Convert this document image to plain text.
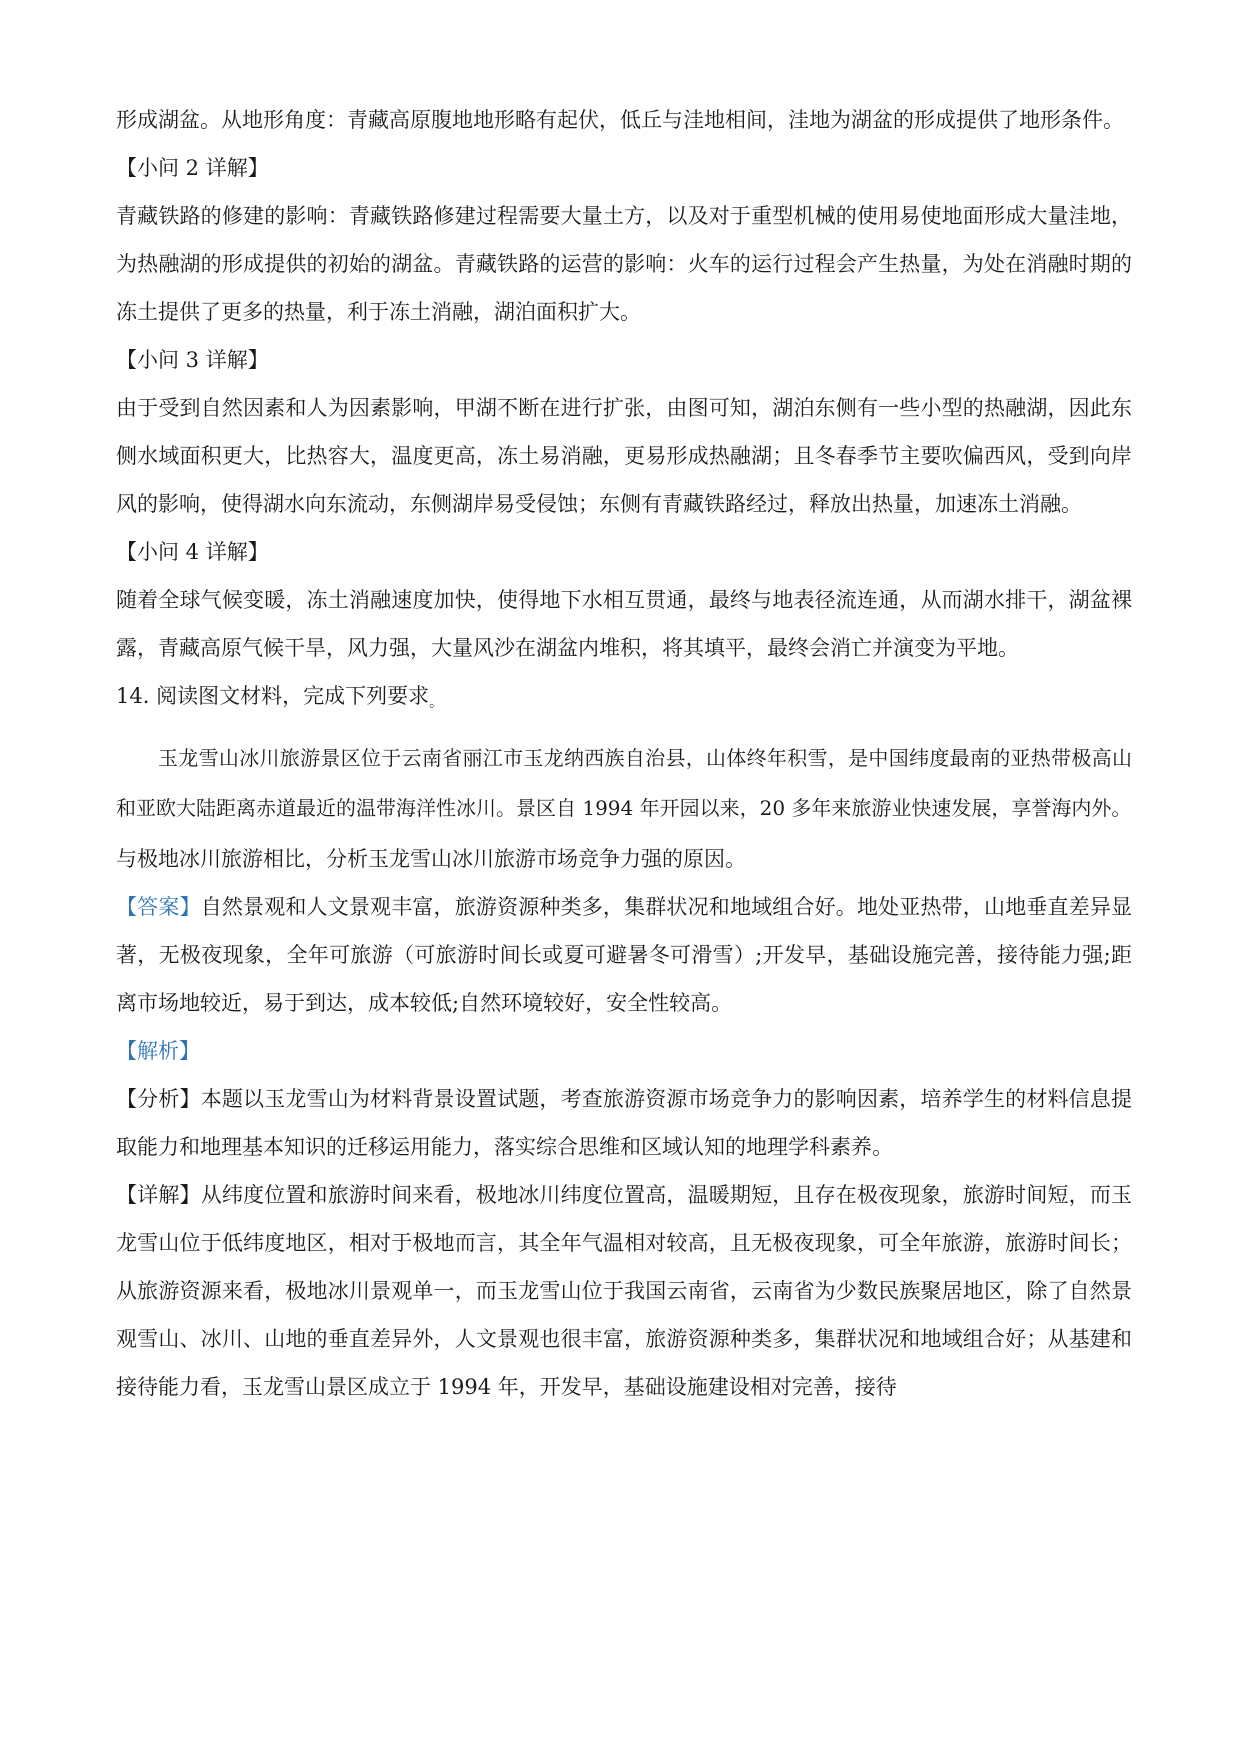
形成湖盆。从地形角度：青藏高原腹地地形略有起伏，低丘与洼地相间，洼地为湖盆的形成提供了地形条件。

【小问 2 详解】

青藏铁路的修建的影响：青藏铁路修建过程需要大量土方，以及对于重型机械的使用易使地面形成大量洼地，为热融湖的形成提供的初始的湖盆。青藏铁路的运营的影响：火车的运行过程会产生热量，为处在消融时期的冻土提供了更多的热量，利于冻土消融，湖泊面积扩大。

【小问 3 详解】

由于受到自然因素和人为因素影响，甲湖不断在进行扩张，由图可知，湖泊东侧有一些小型的热融湖，因此东侧水域面积更大，比热容大，温度更高，冻土易消融，更易形成热融湖；且冬春季节主要吹偏西风，受到向岸风的影响，使得湖水向东流动，东侧湖岸易受侵蚀；东侧有青藏铁路经过，释放出热量，加速冻土消融。

【小问 4 详解】

随着全球气候变暖，冻土消融速度加快，使得地下水相互贯通，最终与地表径流连通，从而湖水排干，湖盆裸露，青藏高原气候干旱，风力强，大量风沙在湖盆内堆积，将其填平，最终会消亡并演变为平地。

14. 阅读图文材料，完成下列要求。

玉龙雪山冰川旅游景区位于云南省丽江市玉龙纳西族自治县，山体终年积雪，是中国纬度最南的亚热带极高山和亚欧大陆距离赤道最近的温带海洋性冰川。景区自 1994 年开园以来，20 多年来旅游业快速发展，享誉海内外。

与极地冰川旅游相比，分析玉龙雪山冰川旅游市场竞争力强的原因。

【答案】自然景观和人文景观丰富，旅游资源种类多，集群状况和地域组合好。地处亚热带，山地垂直差异显著，无极夜现象，全年可旅游（可旅游时间长或夏可避暑冬可滑雪）;开发早，基础设施完善，接待能力强;距离市场地较近，易于到达，成本较低;自然环境较好，安全性较高。

【解析】

【分析】本题以玉龙雪山为材料背景设置试题，考查旅游资源市场竞争力的影响因素，培养学生的材料信息提取能力和地理基本知识的迁移运用能力，落实综合思维和区域认知的地理学科素养。

【详解】从纬度位置和旅游时间来看，极地冰川纬度位置高，温暖期短，且存在极夜现象，旅游时间短，而玉龙雪山位于低纬度地区，相对于极地而言，其全年气温相对较高，且无极夜现象，可全年旅游，旅游时间长；从旅游资源来看，极地冰川景观单一，而玉龙雪山位于我国云南省，云南省为少数民族聚居地区，除了自然景观雪山、冰川、山地的垂直差异外，人文景观也很丰富，旅游资源种类多，集群状况和地域组合好；从基建和接待能力看，玉龙雪山景区成立于 1994 年，开发早，基础设施建设相对完善，接待
